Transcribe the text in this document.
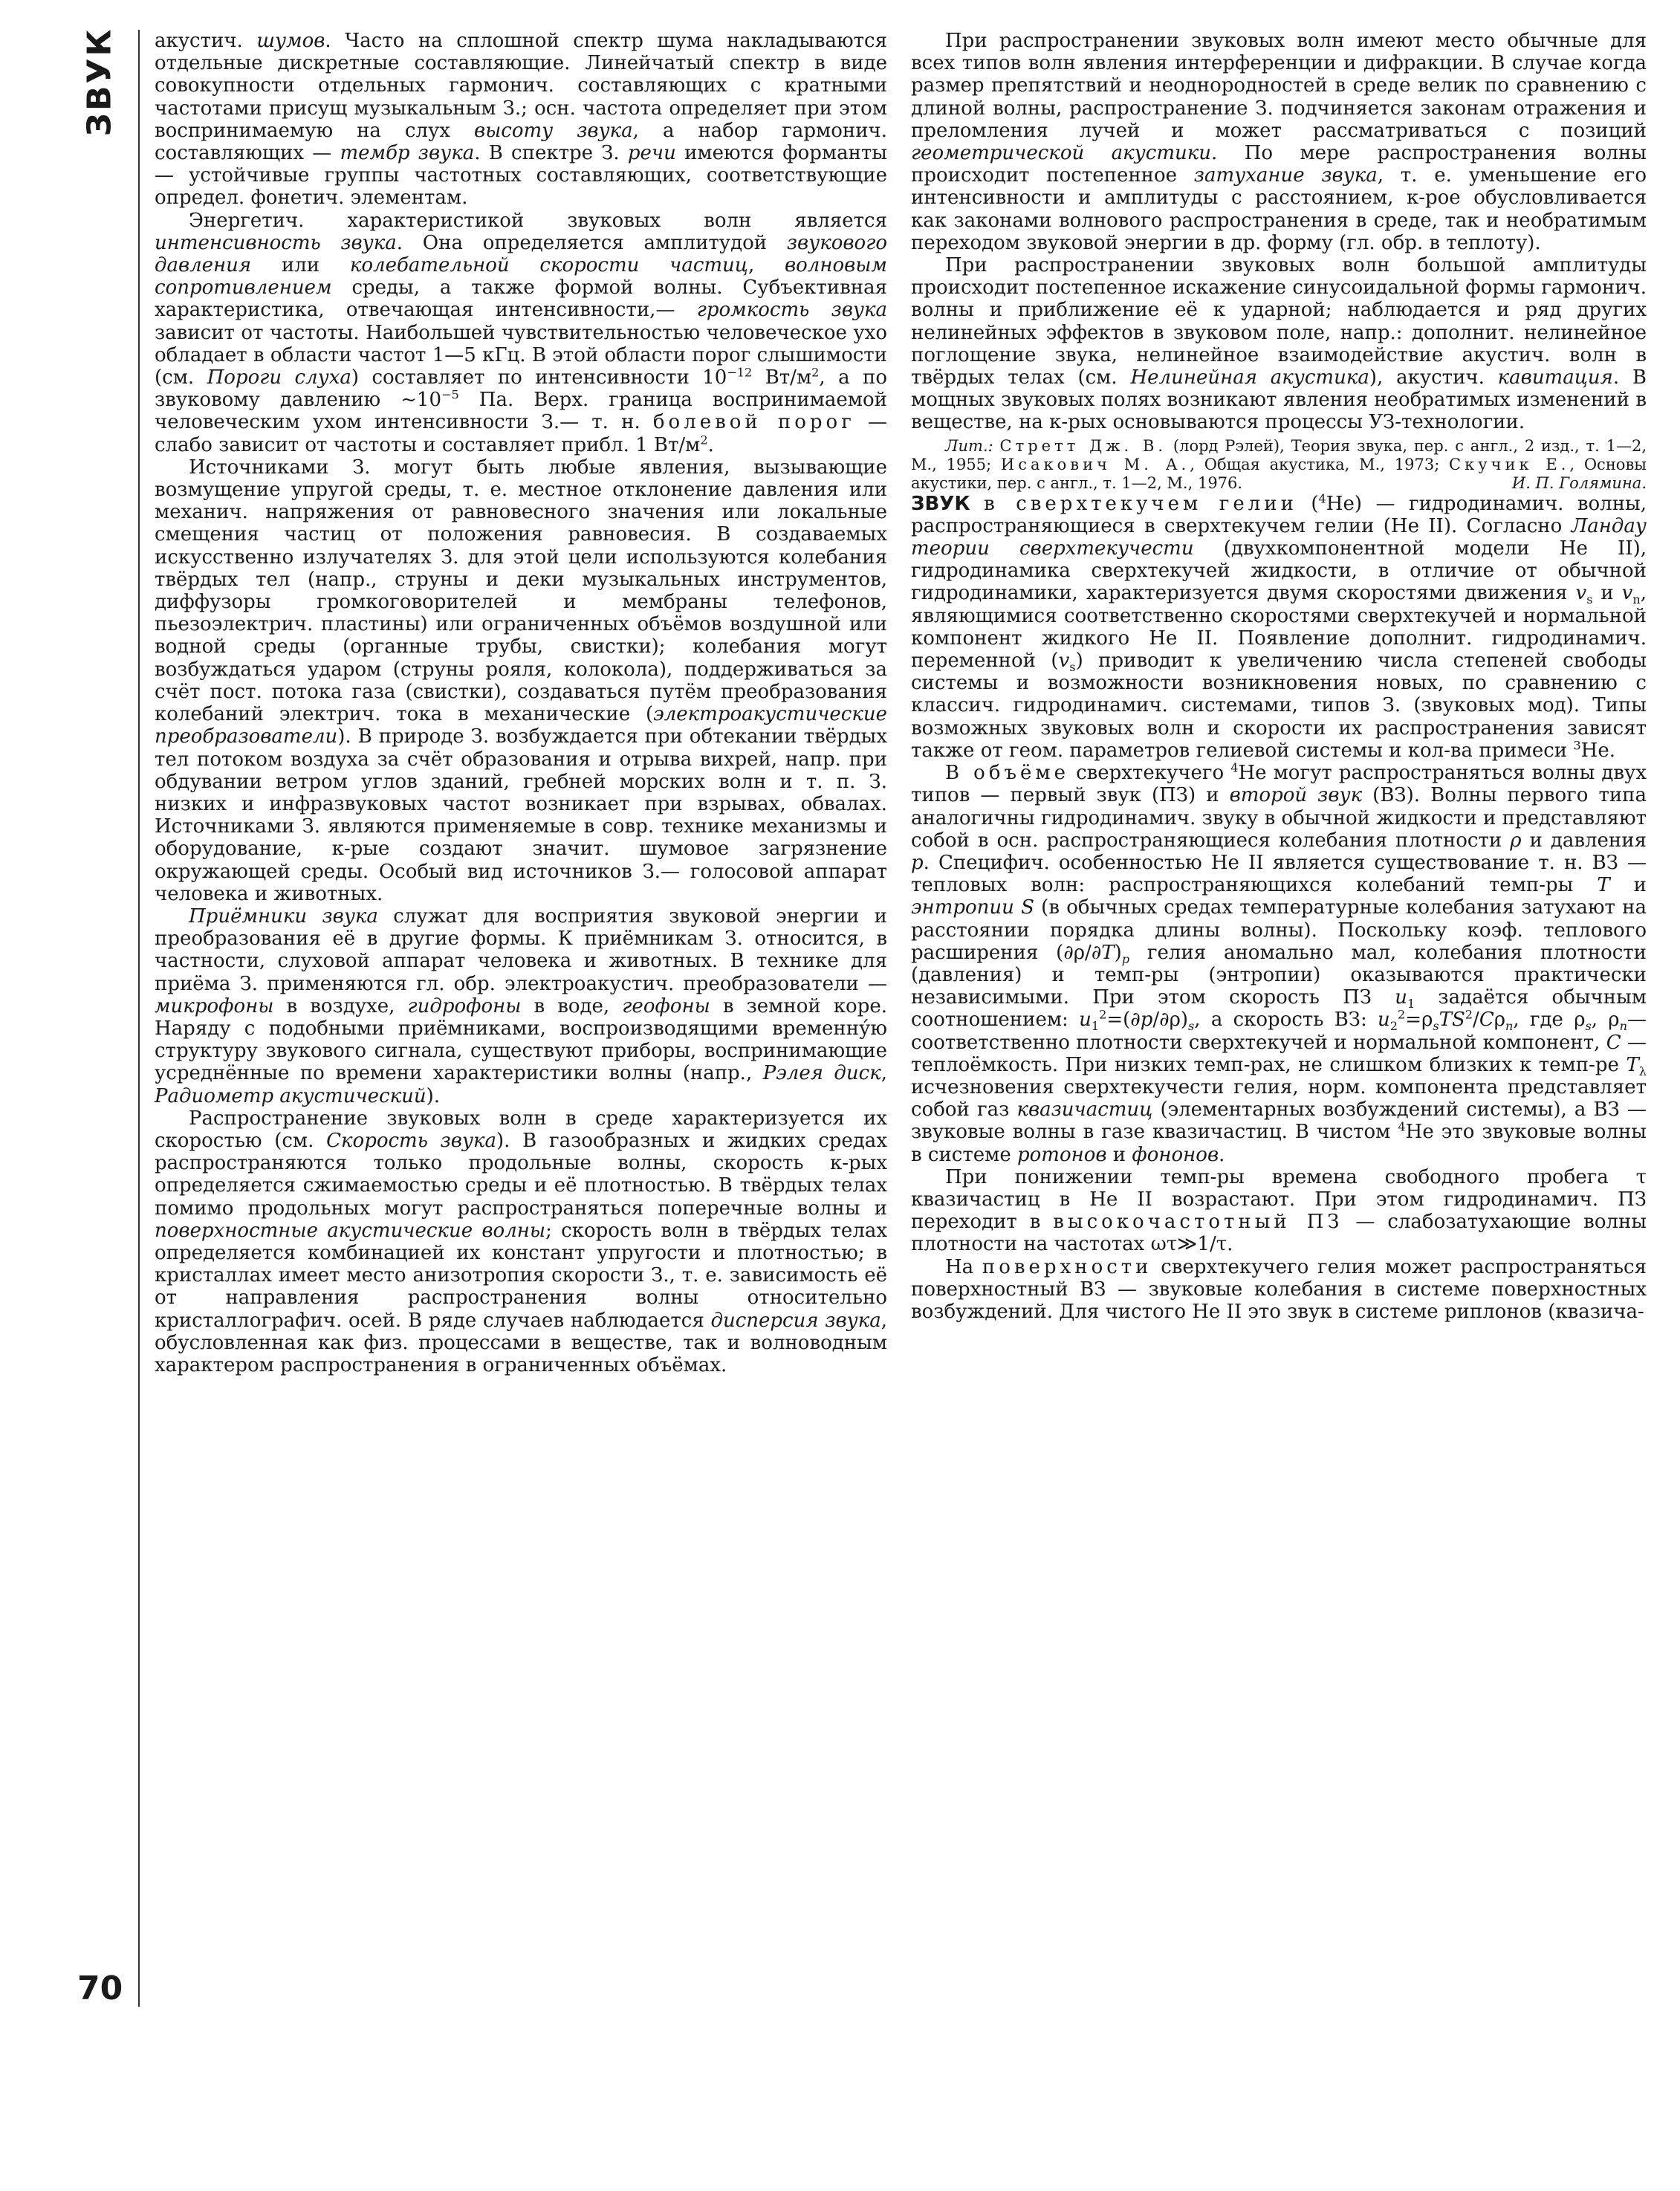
ЗВУК
70

акустич. шумов. Часто на сплошной спектр шума накладываются отдельные дискретные составляющие. Линейчатый спектр в виде совокупности отдельных гармонич. составляющих с кратными частотами присущ музыкальным З.; осн. частота определяет при этом воспринимаемую на слух высоту звука, а набор гармонич. составляющих — тембр звука. В спектре З. речи имеются форманты — устойчивые группы частотных составляющих, соответствующие определ. фонетич. элементам.

Энергетич. характеристикой звуковых волн является интенсивность звука. Она определяется амплитудой звукового давления или колебательной скорости частиц, волновым сопротивлением среды, а также формой волны. Субъективная характеристика, отвечающая интенсивности,— громкость звука зависит от частоты. Наибольшей чувствительностью человеческое ухо обладает в области частот 1—5 кГц. В этой области порог слышимости (см. Пороги слуха) составляет по интенсивности $10^{-12}$ $Вт/м^2$, а по звуковому давлению $\sim 10^{-5}$ Па. Верх. граница воспринимаемой человеческим ухом интенсивности З.— т. н. болевой порог — слабо зависит от частоты и составляет прибл. 1 $Вт/м^2$.

Источниками З. могут быть любые явления, вызывающие возмущение упругой среды, т. е. местное отклонение давления или механич. напряжения от равновесного значения или локальные смещения частиц от положения равновесия. В создаваемых искусственно излучателях З. для этой цели используются колебания твёрдых тел (напр., струны и деки музыкальных инструментов, диффузоры громкоговорителей и мембраны телефонов, пьезоэлектрич. пластины) или ограниченных объёмов воздушной или водной среды (органные трубы, свистки); колебания могут возбуждаться ударом (струны рояля, колокола), поддерживаться за счёт пост. потока газа (свистки), создаваться путём преобразования колебаний электрич. тока в механические (электроакустические преобразователи). В природе З. возбуждается при обтекании твёрдых тел потоком воздуха за счёт образования и отрыва вихрей, напр. при обдувании ветром углов зданий, гребней морских волн и т. п. З. низких и инфразвуковых частот возникает при взрывах, обвалах. Источниками З. являются применяемые в совр. технике механизмы и оборудование, к-рые создают значит. шумовое загрязнение окружающей среды. Особый вид источников З.— голосовой аппарат человека и животных.

Приёмники звука служат для восприятия звуковой энергии и преобразования её в другие формы. К приёмникам З. относится, в частности, слуховой аппарат человека и животных. В технике для приёма З. применяются гл. обр. электроакустич. преобразователи — микрофоны в воздухе, гидрофоны в воде, геофоны в земной коре. Наряду с подобными приёмниками, воспроизводящими временну́ю структуру звукового сигнала, существуют приборы, воспринимающие усреднённые по времени характеристики волны (напр., Рэлея диск, Радиометр акустический).

Распространение звуковых волн в среде характеризуется их скоростью (см. Скорость звука). В газообразных и жидких средах распространяются только продольные волны, скорость к-рых определяется сжимаемостью среды и её плотностью. В твёрдых телах помимо продольных могут распространяться поперечные волны и поверхностные акустические волны; скорость волн в твёрдых телах определяется комбинацией их констант упругости и плотностью; в кристаллах имеет место анизотропия скорости З., т. е. зависимость её от направления распространения волны относительно кристаллографич. осей. В ряде случаев наблюдается дисперсия звука, обусловленная как физ. процессами в веществе, так и волноводным характером распространения в ограниченных объёмах.

При распространении звуковых волн имеют место обычные для всех типов волн явления интерференции и дифракции. В случае когда размер препятствий и неоднородностей в среде велик по сравнению с длиной волны, распространение З. подчиняется законам отражения и преломления лучей и может рассматриваться с позиций геометрической акустики. По мере распространения волны происходит постепенное затухание звука, т. е. уменьшение его интенсивности и амплитуды с расстоянием, к-рое обусловливается как законами волнового распространения в среде, так и необратимым переходом звуковой энергии в др. форму (гл. обр. в теплоту).

При распространении звуковых волн большой амплитуды происходит постепенное искажение синусоидальной формы гармонич. волны и приближение её к ударной; наблюдается и ряд других нелинейных эффектов в звуковом поле, напр.: дополнит. нелинейное поглощение звука, нелинейное взаимодействие акустич. волн в твёрдых телах (см. Нелинейная акустика), акустич. кавитация. В мощных звуковых полях возникают явления необратимых изменений в веществе, на к-рых основываются процессы УЗ-технологии.

Лит.: Стретт Дж. В. (лорд Рэлей), Теория звука, пер. с англ., 2 изд., т. 1—2, М., 1955; Исакович М. А., Общая акустика, М., 1973; Скучик Е., Основы акустики, пер. с англ., т. 1—2, М., 1976.	И. П. Голямина.

ЗВУК в сверхтекучем гелии ($^4$He) — гидродинамич. волны, распространяющиеся в сверхтекучем гелии (He II). Согласно Ландау теории сверхтекучести (двухкомпонентной модели He II), гидродинамика сверхтекучей жидкости, в отличие от обычной гидродинамики, характеризуется двумя скоростями движения $v_s$ и $v_n$, являющимися соответственно скоростями сверхтекучей и нормальной компонент жидкого He II. Появление дополнит. гидродинамич. переменной $(v_s)$ приводит к увеличению числа степеней свободы системы и возможности возникновения новых, по сравнению с классич. гидродинамич. системами, типов З. (звуковых мод). Типы возможных звуковых волн и скорости их распространения зависят также от геом. параметров гелиевой системы и кол-ва примеси $^3$He.

В объёме сверхтекучего $^4$He могут распространяться волны двух типов — первый звук (ПЗ) и второй звук (ВЗ). Волны первого типа аналогичны гидродинамич. звуку в обычной жидкости и представляют собой в осн. распространяющиеся колебания плотности ρ и давления p. Специфич. особенностью He II является существование т. н. ВЗ — тепловых волн: распространяющихся колебаний темп-ры T и энтропии S (в обычных средах температурные колебания затухают на расстоянии порядка длины волны). Поскольку коэф. теплового расширения $(\partial\rho/\partial T)_p$ гелия аномально мал, колебания плотности (давления) и темп-ры (энтропии) оказываются практически независимыми. При этом скорость ПЗ $u_1$ задаётся обычным соотношением: $u_1^2=(\partial p/\partial\rho)_s$, а скорость ВЗ: $u_2^2=\rho_sTS^2/C\rho_n$, где $\rho_s$, $\rho_n—соответственно$ плотности сверхтекучей и нормальной компонент, C — теплоёмкость. При низких темп-рах, не слишком близких к темп-ре $T_\lambda$ исчезновения сверхтекучести гелия, норм. компонента представляет собой газ квазичастиц (элементарных возбуждений системы), а ВЗ — звуковые волны в газе квазичастиц. В чистом $^4$He это звуковые волны в системе ротонов и фононов.

При понижении темп-ры времена свободного пробега τ квазичастиц в He II возрастают. При этом гидродинамич. ПЗ переходит в высокочастотный ПЗ — слабозатухающие волны плотности на частотах ωτ≫1/τ.

На поверхности сверхтекучего гелия может распространяться поверхностный ВЗ — звуковые колебания в системе поверхностных возбуждений. Для чистого He II это звук в системе риплонов (квазича-
